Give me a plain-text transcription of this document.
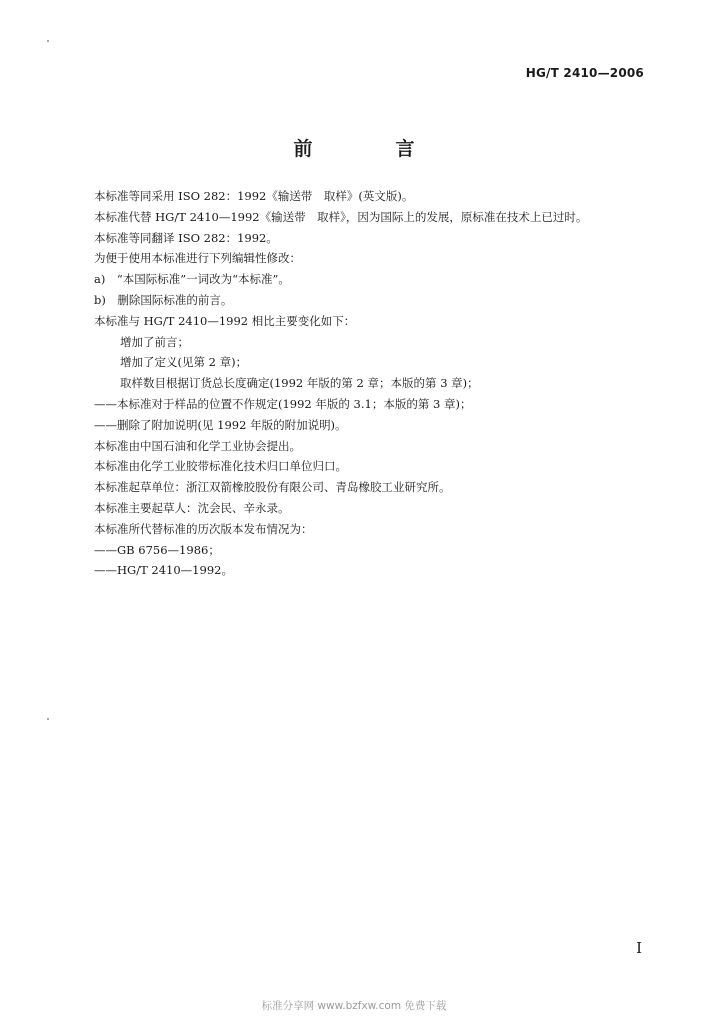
HG/T 2410—2006
前　言
本标准等同采用 ISO 282：1992《输送带　取样》(英文版)。
本标准代替 HG/T 2410—1992《输送带　取样》，因为国际上的发展，原标准在技术上已过时。
本标准等同翻译 ISO 282：1992。
为便于使用本标准进行下列编辑性修改：
a)　“本国际标准”一词改为“本标准”。
b)　删除国际标准的前言。
本标准与 HG/T 2410—1992 相比主要变化如下：
增加了前言；
增加了定义(见第 2 章)；
取样数目根据订货总长度确定(1992 年版的第 2 章；本版的第 3 章)；
——本标准对于样品的位置不作规定(1992 年版的 3.1；本版的第 3 章)；
——删除了附加说明(见 1992 年版的附加说明)。
本标准由中国石油和化学工业协会提出。
本标准由化学工业胶带标准化技术归口单位归口。
本标准起草单位：浙江双箭橡胶股份有限公司、青岛橡胶工业研究所。
本标准主要起草人：沈会民、辛永录。
本标准所代替标准的历次版本发布情况为：
——GB 6756—1986；
——HG/T 2410—1992。
I
标准分享网 www.bzfxw.com 免费下载
